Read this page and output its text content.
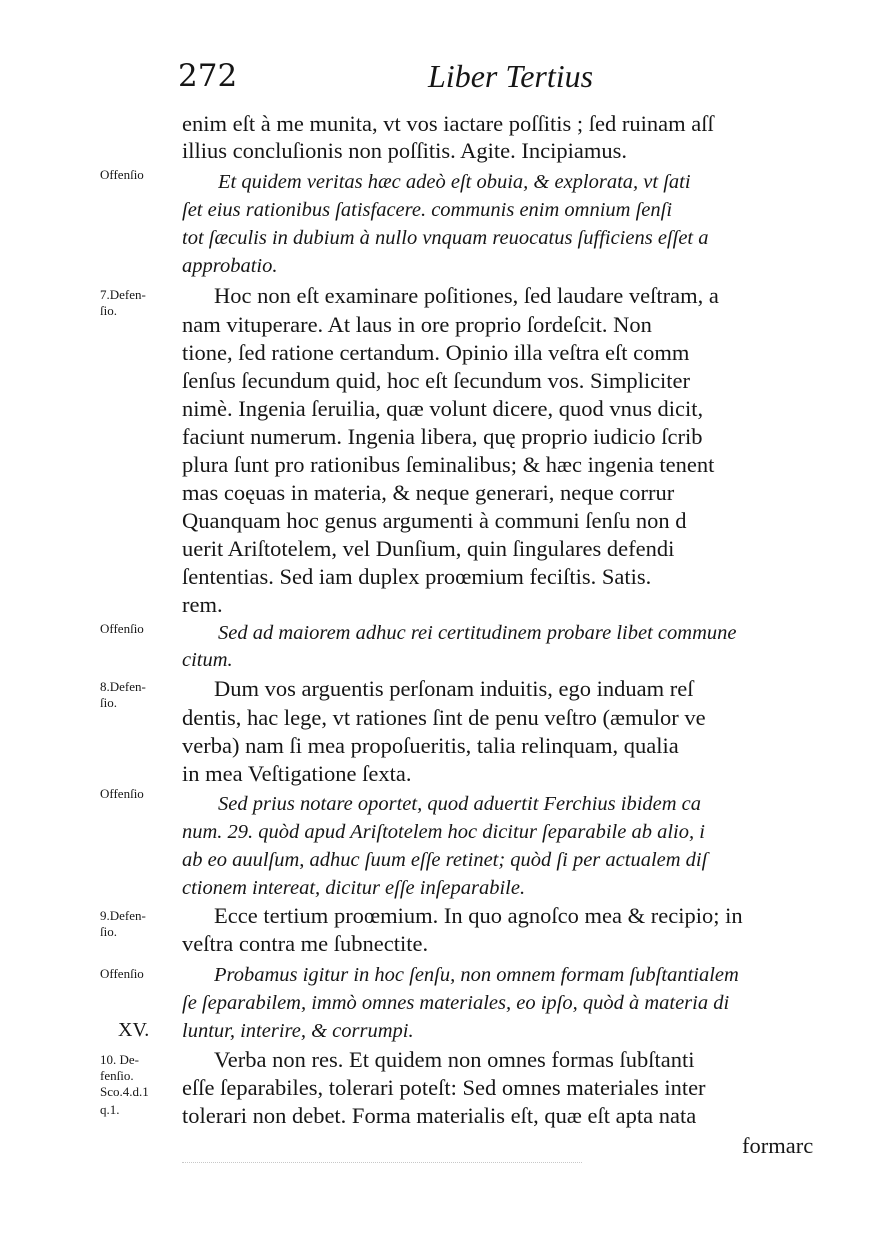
272	Liber Tertius
enim eſt à me munita, vt vos iactare poſſitis ; ſed ruinam aſſ
illius concluſionis non poſſitis. Agite. Incipiamus.
Et quidem veritas hæc adeò eſt obuia, & explorata, vt ſati
ſet eius rationibus ſatisfacere. communis enim omnium ſenſi
tot ſæculis in dubium à nullo vnquam reuocatus ſufficiens eſſet a
approbatio.
Hoc non eſt examinare poſitiones, ſed laudare veſtram, a
nam vituperare. At laus in ore proprio ſordeſcit. Non
tione, ſed ratione certandum. Opinio illa veſtra eſt comm
ſenſus ſecundum quid, hoc eſt ſecundum vos. Simpliciter
nimè. Ingenia ſeruilia, quæ volunt dicere, quod vnus dicit,
faciunt numerum. Ingenia libera, quę proprio iudicio ſcrib
plura ſunt pro rationibus ſeminalibus; & hæc ingenia tenent
mas coęuas in materia, & neque generari, neque corrur
Quanquam hoc genus argumenti à communi ſenſu non d
uerit Ariſtotelem, vel Dunſium, quin ſingulares defendi
ſententias. Sed iam duplex proœmium feciſtis. Satis.
rem.
Sed ad maiorem adhuc rei certitudinem probare libet commune
citum.
Dum vos arguentis perſonam induitis, ego induam reſ
dentis, hac lege, vt rationes ſint de penu veſtro (æmulor ve
verba) nam ſi mea propoſueritis, talia relinquam, qualia
in mea Veſtigatione ſexta.
Sed prius notare oportet, quod aduertit Ferchius ibidem ca
num. 29. quòd apud Ariſtotelem hoc dicitur ſeparabile ab alio, i
ab eo auulſum, adhuc ſuum eſſe retinet; quòd ſi per actualem diſ
ctionem intereat, dicitur eſſe inſeparabile.
Ecce tertium proœmium. In quo agnoſco mea & recipio; in
veſtra contra me ſubnectite.
Probamus igitur in hoc ſenſu, non omnem formam ſubſtantialem
ſe ſeparabilem, immò omnes materiales, eo ipſo, quòd à materia di
luntur, interire, & corrumpi.
Verba non res. Et quidem non omnes formas ſubſtanti
eſſe ſeparabiles, tolerari poteſt: Sed omnes materiales inter
tolerari non debet. Forma materialis eſt, quæ eſt apta nata
formarc
Offenſio
7.Defen-
ſio.
Offenſio
8.Defen-
ſio.
Offenſio
9.Defen-
ſio.
Offenſio
XV.
10. De-
fenſio.
Sco.4.d.1
q.1.
